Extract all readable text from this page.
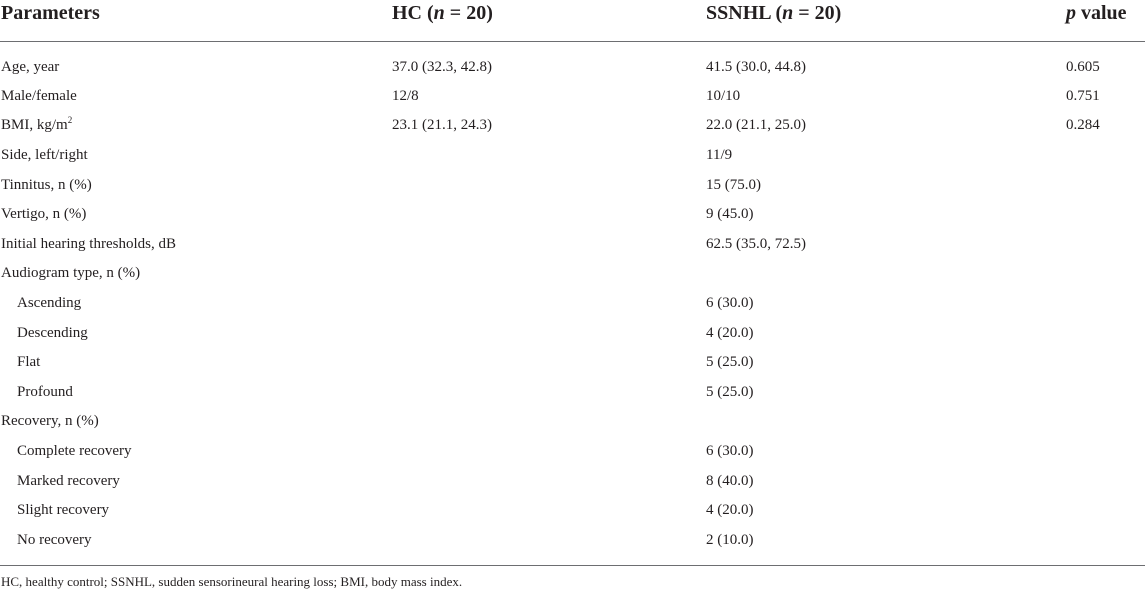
Parameters	HC (n = 20)	SSNHL (n = 20)	p value
Age, year	37.0 (32.3, 42.8)	41.5 (30.0, 44.8)	0.605
Male/female	12/8	10/10	0.751
BMI, $kg/m^2$	23.1 (21.1, 24.3)	22.0 (21.1, 25.0)	0.284
Side, left/right		11/9	
Tinnitus, n (%)		15 (75.0)	
Vertigo, n (%)		9 (45.0)	
Initial hearing thresholds, dB		62.5 (35.0, 72.5)	
Audiogram type, n (%)			
Ascending		6 (30.0)	
Descending		4 (20.0)	
Flat		5 (25.0)	
Profound		5 (25.0)	
Recovery, n (%)			
Complete recovery		6 (30.0)	
Marked recovery		8 (40.0)	
Slight recovery		4 (20.0)	
No recovery		2 (10.0)	
HC, healthy control; SSNHL, sudden sensorineural hearing loss; BMI, body mass index.
